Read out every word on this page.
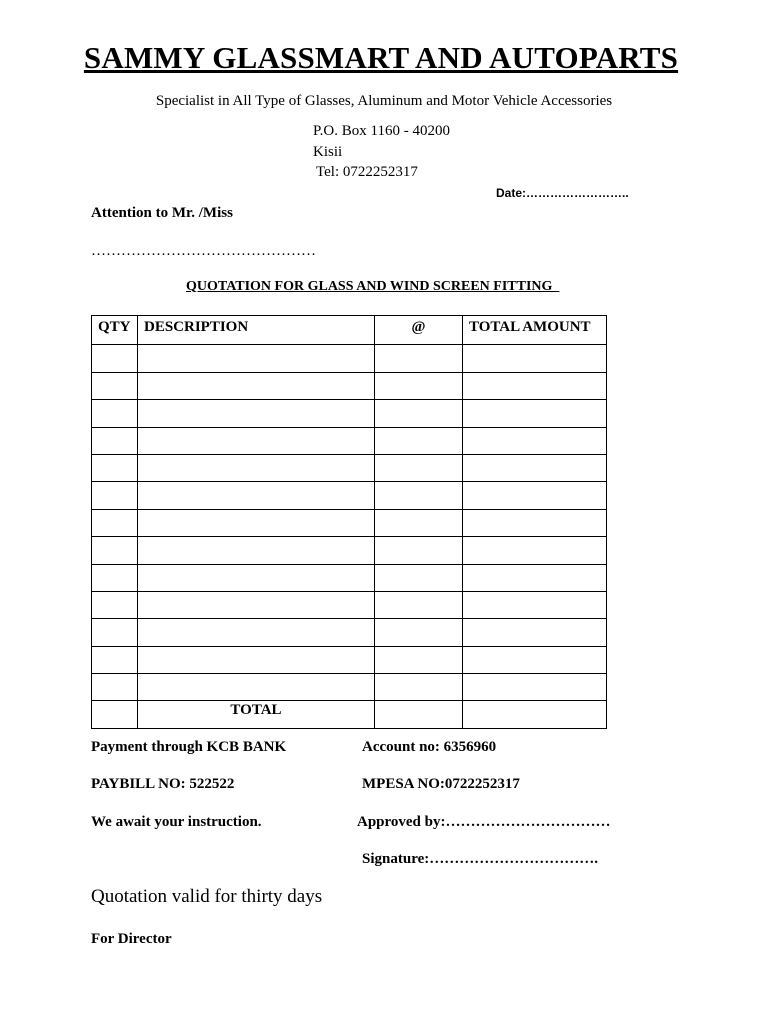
SAMMY GLASSMART AND AUTOPARTS
Specialist in All Type of Glasses, Aluminum and Motor Vehicle Accessories
P.O. Box 1160 - 40200
Kisii
Tel: 0722252317
Date:……………………..
Attention to Mr. /Miss
………………………………………
QUOTATION FOR GLASS AND WIND SCREEN FITTING
QTY	DESCRIPTION	@	TOTAL AMOUNT

	TOTAL		
Payment through KCB BANK	Account no: 6356960
PAYBILL NO: 522522	MPESA NO:0722252317
We await your instruction.	Approved by:……………………………
Signature:…………………………….
Quotation valid for thirty days
For Director
